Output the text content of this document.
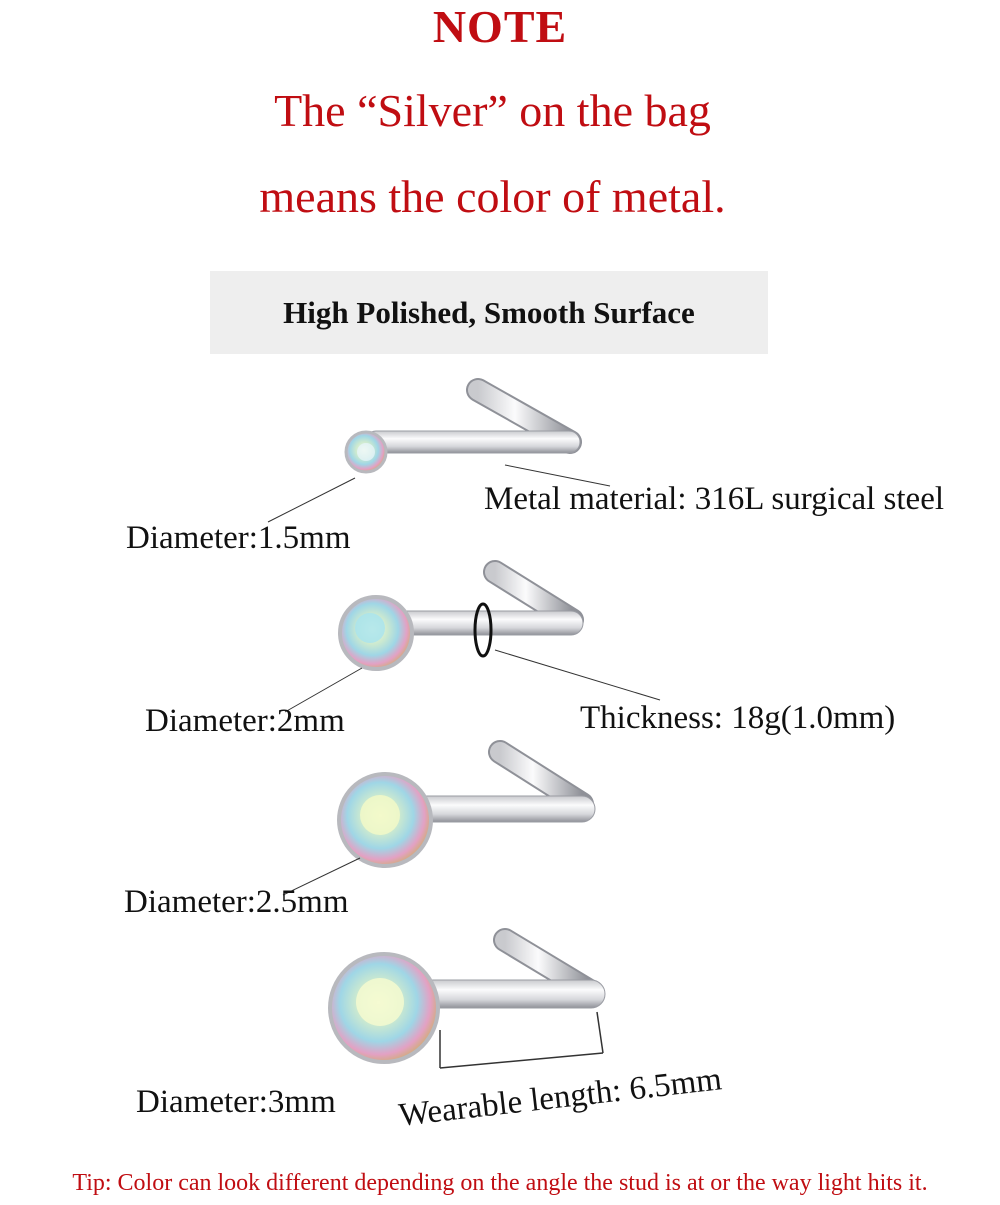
NOTE
The “Silver” on the bag
means the color of metal.
High Polished, Smooth Surface
Metal material: 316L surgical steel
Diameter:1.5mm
Thickness: 18g(1.0mm)
Diameter:2mm
Diameter:2.5mm
Diameter:3mm Wearable length: 6.5mm
Tip: Color can look different depending on the angle the stud is at or the way light hits it.
